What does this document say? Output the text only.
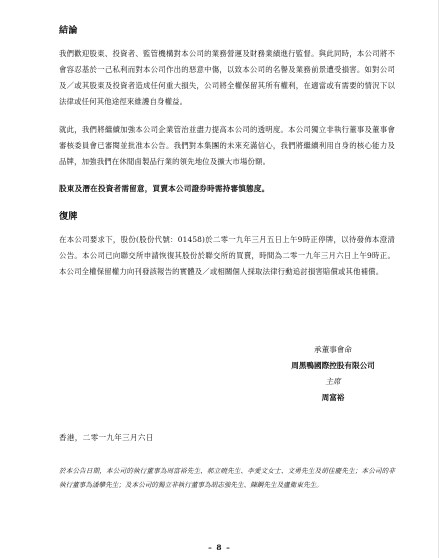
結論

我們歡迎股東、投資者、監管機構對本公司的業務營運及財務業績進行監督。與此同時，本公司將不會容忍基於一己私利而對本公司作出的惡意中傷，以致本公司的名譽及業務前景遭受損害。如對公司及／或其股東及投資者造成任何重大損失，公司將全權保留其所有權利，在適當或有需要的情況下以法律或任何其他途徑來維護自身權益。

就此，我們將繼續加強本公司企業管治並盡力提高本公司的透明度。本公司獨立非執行董事及董事會審核委員會已審閱並批准本公告。我們對本集團的未來充滿信心，我們將繼續利用自身的核心能力及品牌，加強我們在休閒鹵製品行業的領先地位及擴大市場份額。

股東及潛在投資者需留意，買賣本公司證券時需持審慎態度。

復牌

在本公司要求下，股份(股份代號：01458)於二零一九年三月五日上午9時正停牌，以待發佈本澄清公告。本公司已向聯交所申請恢復其股份於聯交所的買賣，時間為二零一九年三月六日上午9時正。本公司全權保留權力向刊發該報告的實體及／或相關個人採取法律行動追討損害賠償或其他補償。

承董事會命
周黑鴨國際控股有限公司
主席
周富裕
香港，二零一九年三月六日

於本公告日期，本公司的執行董事為周富裕先生、郝立曉先生、李愛文女士、文勇先生及胡佳慶先生；本公司的非執行董事為潘攀先生；及本公司的獨立非執行董事為胡志強先生、陳鋼先生及盧衛東先生。

– 8 –
